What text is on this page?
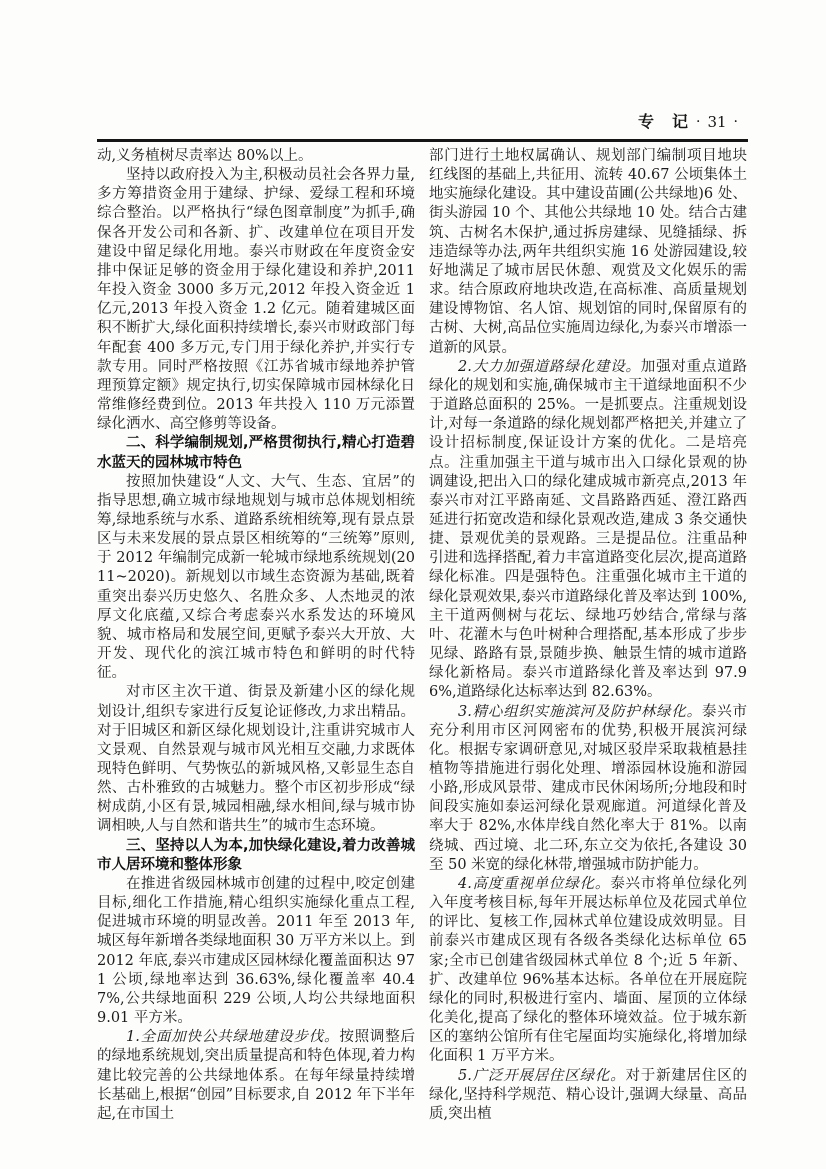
专　记 · 31 ·

动,义务植树尽责率达 80%以上。

坚持以政府投入为主,积极动员社会各界力量,多方筹措资金用于建绿、护绿、爱绿工程和环境综合整治。以严格执行“绿色图章制度”为抓手,确保各开发公司和各新、扩、改建单位在项目开发建设中留足绿化用地。泰兴市财政在年度资金安排中保证足够的资金用于绿化建设和养护,2011 年投入资金 3000 多万元,2012 年投入资金近 1 亿元,2013 年投入资金 1.2 亿元。随着建城区面积不断扩大,绿化面积持续增长,泰兴市财政部门每年配套 400 多万元,专门用于绿化养护,并实行专款专用。同时严格按照《江苏省城市绿地养护管理预算定额》规定执行,切实保障城市园林绿化日常维修经费到位。2013 年共投入 110 万元添置绿化洒水、高空修剪等设备。

二、科学编制规划,严格贯彻执行,精心打造碧水蓝天的园林城市特色

按照加快建设“人文、大气、生态、宜居”的指导思想,确立城市绿地规划与城市总体规划相统筹,绿地系统与水系、道路系统相统筹,现有景点景区与未来发展的景点景区相统筹的“三统筹”原则,于 2012 年编制完成新一轮城市绿地系统规划(2011~2020)。新规划以市域生态资源为基础,既着重突出泰兴历史悠久、名胜众多、人杰地灵的浓厚文化底蕴,又综合考虑泰兴水系发达的环境风貌、城市格局和发展空间,更赋予泰兴大开放、大开发、现代化的滨江城市特色和鲜明的时代特征。

对市区主次干道、街景及新建小区的绿化规划设计,组织专家进行反复论证修改,力求出精品。对于旧城区和新区绿化规划设计,注重讲究城市人文景观、自然景观与城市风光相互交融,力求既体现特色鲜明、气势恢弘的新城风格,又彰显生态自然、古朴雅致的古城魅力。整个市区初步形成“绿树成荫,小区有景,城园相融,绿水相间,绿与城市协调相映,人与自然和谐共生”的城市生态环境。

三、坚持以人为本,加快绿化建设,着力改善城市人居环境和整体形象

在推进省级园林城市创建的过程中,咬定创建目标,细化工作措施,精心组织实施绿化重点工程,促进城市环境的明显改善。2011 年至 2013 年,城区每年新增各类绿地面积 30 万平方米以上。到 2012 年底,泰兴市建成区园林绿化覆盖面积达 971 公顷,绿地率达到 36.63%,绿化覆盖率 40.47%,公共绿地面积 229 公顷,人均公共绿地面积 9.01 平方米。

1.全面加快公共绿地建设步伐。按照调整后的绿地系统规划,突出质量提高和特色体现,着力构建比较完善的公共绿地体系。在每年绿量持续增长基础上,根据“创园”目标要求,自 2012 年下半年起,在市国土

部门进行土地权属确认、规划部门编制项目地块红线图的基础上,共征用、流转 40.67 公顷集体土地实施绿化建设。其中建设苗圃(公共绿地)6 处、街头游园 10 个、其他公共绿地 10 处。结合古建筑、古树名木保护,通过拆房建绿、见缝插绿、拆违造绿等办法,两年共组织实施 16 处游园建设,较好地满足了城市居民休憩、观赏及文化娱乐的需求。结合原政府地块改造,在高标准、高质量规划建设博物馆、名人馆、规划馆的同时,保留原有的古树、大树,高品位实施周边绿化,为泰兴市增添一道新的风景。

2.大力加强道路绿化建设。加强对重点道路绿化的规划和实施,确保城市主干道绿地面积不少于道路总面积的 25%。一是抓要点。注重规划设计,对每一条道路的绿化规划都严格把关,并建立了设计招标制度,保证设计方案的优化。二是培亮点。注重加强主干道与城市出入口绿化景观的协调建设,把出入口的绿化建成城市新亮点,2013 年泰兴市对江平路南延、文昌路路西延、澄江路西延进行拓宽改造和绿化景观改造,建成 3 条交通快捷、景观优美的景观路。三是提品位。注重品种引进和选择搭配,着力丰富道路变化层次,提高道路绿化标准。四是强特色。注重强化城市主干道的绿化景观效果,泰兴市道路绿化普及率达到 100%,主干道两侧树与花坛、绿地巧妙结合,常绿与落叶、花灌木与色叶树种合理搭配,基本形成了步步见绿、路路有景,景随步换、触景生情的城市道路绿化新格局。泰兴市道路绿化普及率达到 97.96%,道路绿化达标率达到 82.63%。

3.精心组织实施滨河及防护林绿化。泰兴市充分利用市区河网密布的优势,积极开展滨河绿化。根据专家调研意见,对城区驳岸采取栽植悬挂植物等措施进行弱化处理、增添园林设施和游园小路,形成风景带、建成市民休闲场所;分地段和时间段实施如泰运河绿化景观廊道。河道绿化普及率大于 82%,水体岸线自然化率大于 81%。以南绕城、西过境、北二环,东立交为依托,各建设 30 至 50 米宽的绿化林带,增强城市防护能力。

4.高度重视单位绿化。泰兴市将单位绿化列入年度考核目标,每年开展达标单位及花园式单位的评比、复核工作,园林式单位建设成效明显。目前泰兴市建成区现有各级各类绿化达标单位 65 家;全市已创建省级园林式单位 8 个;近 5 年新、扩、改建单位 96%基本达标。各单位在开展庭院绿化的同时,积极进行室内、墙面、屋顶的立体绿化美化,提高了绿化的整体环境效益。位于城东新区的塞纳公馆所有住宅屋面均实施绿化,将增加绿化面积 1 万平方米。

5.广泛开展居住区绿化。对于新建居住区的绿化,坚持科学规范、精心设计,强调大绿量、高品质,突出植
